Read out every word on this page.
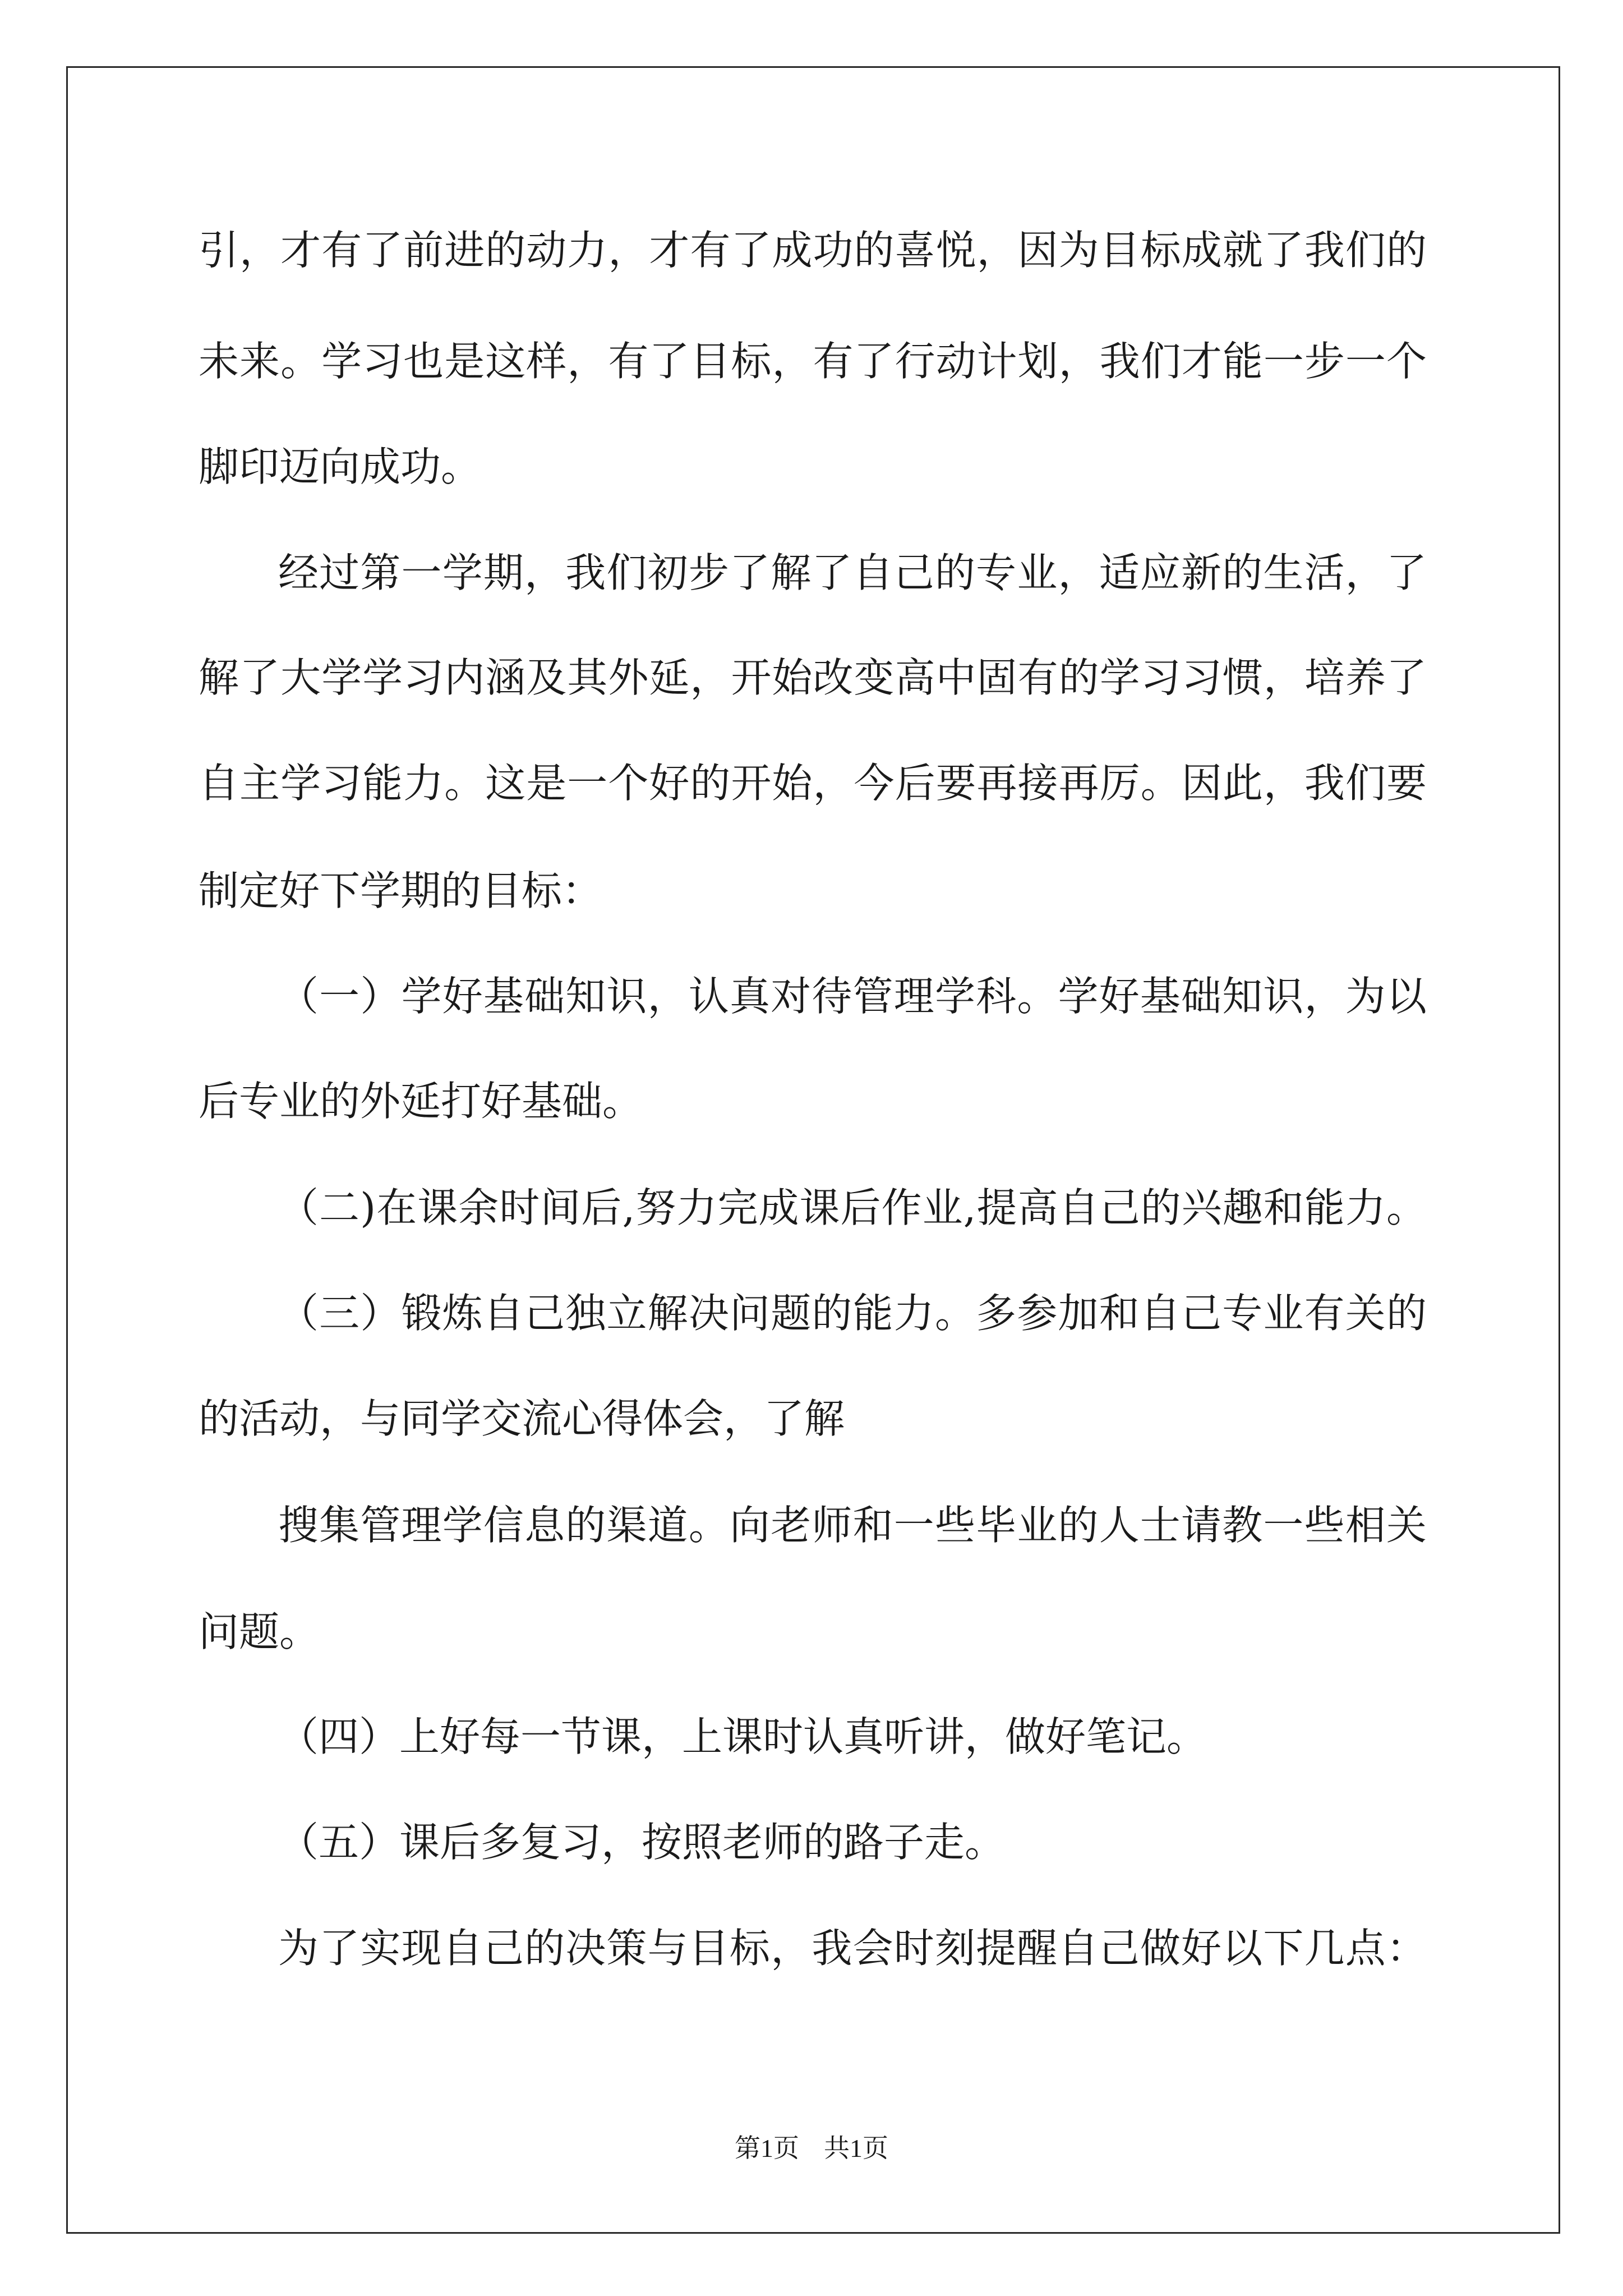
引，才有了前进的动力，才有了成功的喜悦，因为目标成就了我们的
未来。学习也是这样，有了目标，有了行动计划，我们才能一步一个
脚印迈向成功。
经过第一学期，我们初步了解了自己的专业，适应新的生活，了
解了大学学习内涵及其外延，开始改变高中固有的学习习惯，培养了
自主学习能力。这是一个好的开始，今后要再接再厉。因此，我们要
制定好下学期的目标：
（一）学好基础知识，认真对待管理学科。学好基础知识，为以
后专业的外延打好基础。
（二)在课余时间后,努力完成课后作业,提高自己的兴趣和能力。
（三）锻炼自己独立解决问题的能力。多参加和自己专业有关的
的活动，与同学交流心得体会，了解
搜集管理学信息的渠道。向老师和一些毕业的人士请教一些相关
问题。
（四）上好每一节课，上课时认真听讲，做好笔记。
（五）课后多复习，按照老师的路子走。
为了实现自己的决策与目标，我会时刻提醒自己做好以下几点：
第1页 共1页
